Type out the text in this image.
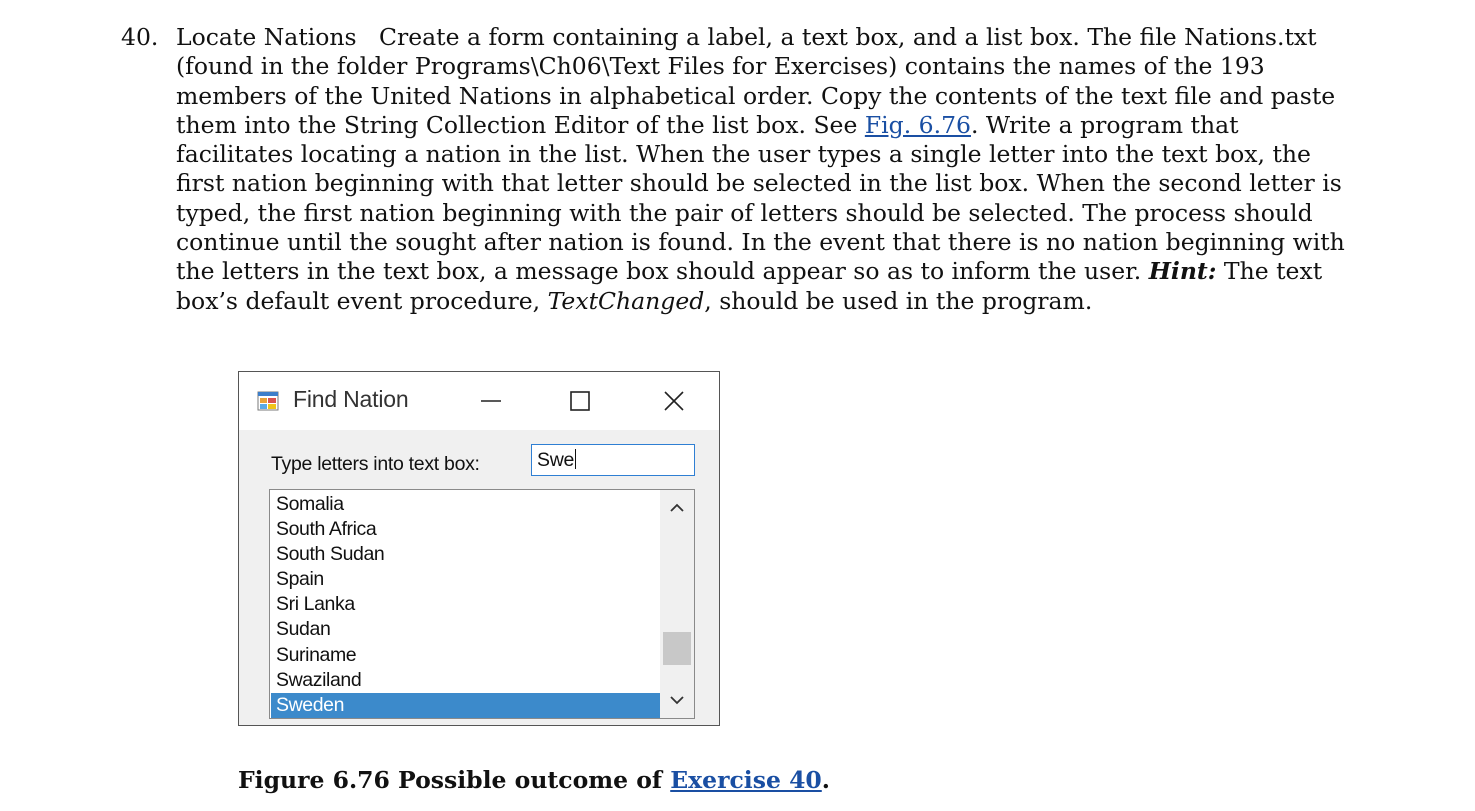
40. Locate Nations Create a form containing a label, a text box, and a list box. The file Nations.txt (found in the folder Programs\Ch06\Text Files for Exercises) contains the names of the 193 members of the United Nations in alphabetical order. Copy the contents of the text file and paste them into the String Collection Editor of the list box. See Fig. 6.76. Write a program that facilitates locating a nation in the list. When the user types a single letter into the text box, the first nation beginning with that letter should be selected in the list box. When the second letter is typed, the first nation beginning with the pair of letters should be selected. The process should continue until the sought after nation is found. In the event that there is no nation beginning with the letters in the text box, a message box should appear so as to inform the user. Hint: The text box’s default event procedure, TextChanged, should be used in the program.
Find Nation
Type letters into text box:	Swe
Somalia
South Africa
South Sudan
Spain
Sri Lanka
Sudan
Suriname
Swaziland
Sweden
Figure 6.76 Possible outcome of Exercise 40.
